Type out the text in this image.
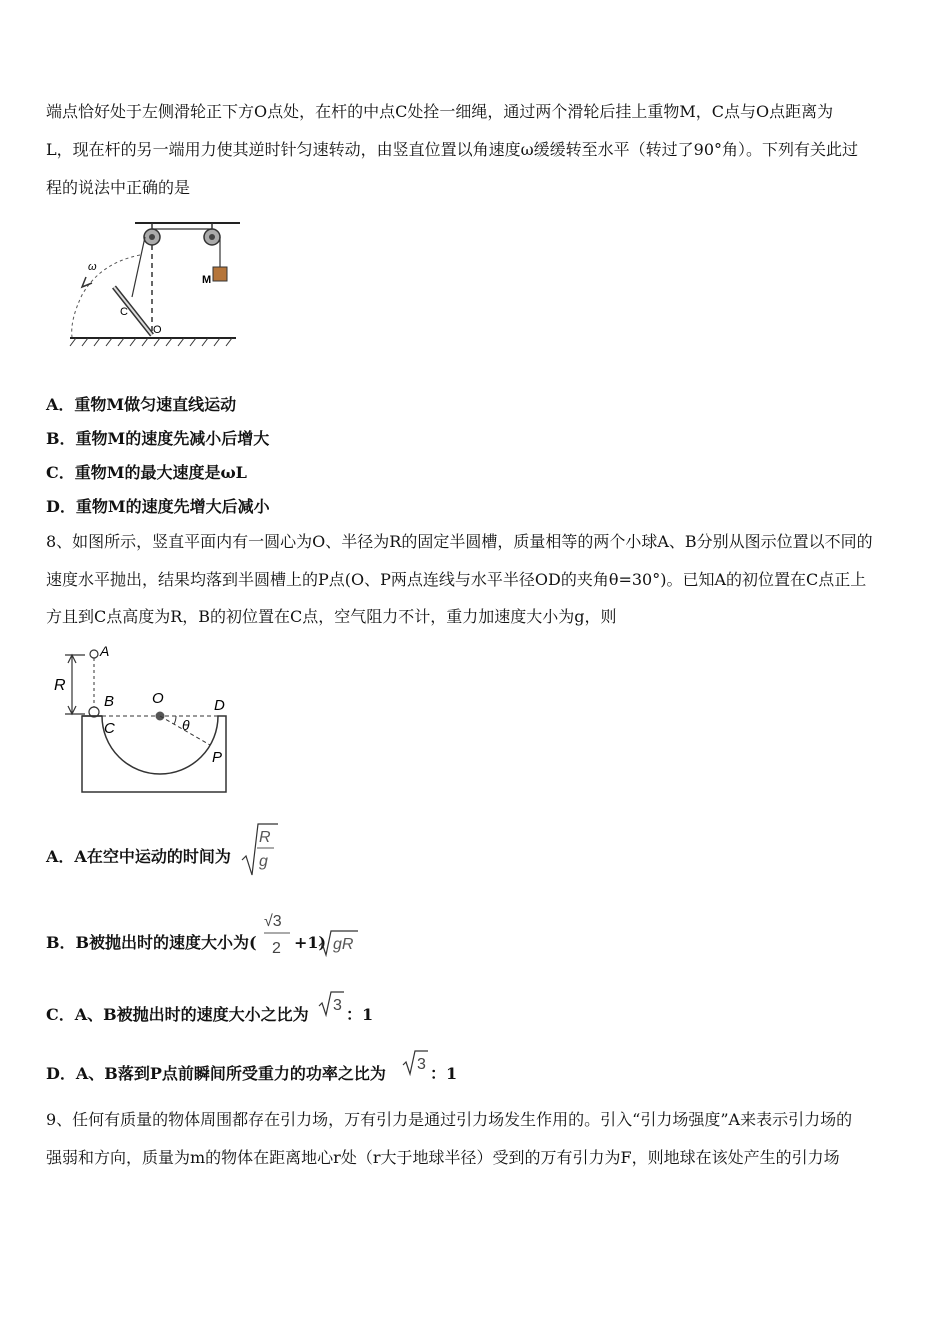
端点恰好处于左侧滑轮正下方O点处，在杆的中点C处拴一细绳，通过两个滑轮后挂上重物M，C点与O点距离为
L，现在杆的另一端用力使其逆时针匀速转动，由竖直位置以角速度ω缓缓转至水平（转过了90°角）。下列有关此过
程的说法中正确的是
M
ω
C
O
A．重物M做匀速直线运动
B．重物M的速度先减小后增大
C．重物M的最大速度是ωL
D．重物M的速度先增大后减小
8、如图所示，竖直平面内有一圆心为O、半径为R的固定半圆槽，质量相等的两个小球A、B分别从图示位置以不同的
速度水平抛出，结果均落到半圆槽上的P点(O、P两点连线与水平半径OD的夹角θ=30°)。已知A的初位置在C点正上
方且到C点高度为R，B的初位置在C点，空气阻力不计，重力加速度大小为g，则
R
A
B
C
O	D
θ
P
A．A在空中运动的时间为
R
g
B．B被抛出时的速度大小为(
√3
2 +1) gR
C．A、B被抛出时的速度大小之比为 3 ：1
D．A、B落到P点前瞬间所受重力的功率之比为 3 ：1
9、任何有质量的物体周围都存在引力场，万有引力是通过引力场发生作用的。引入“引力场强度”A来表示引力场的
强弱和方向，质量为m的物体在距离地心r处（r大于地球半径）受到的万有引力为F，则地球在该处产生的引力场
